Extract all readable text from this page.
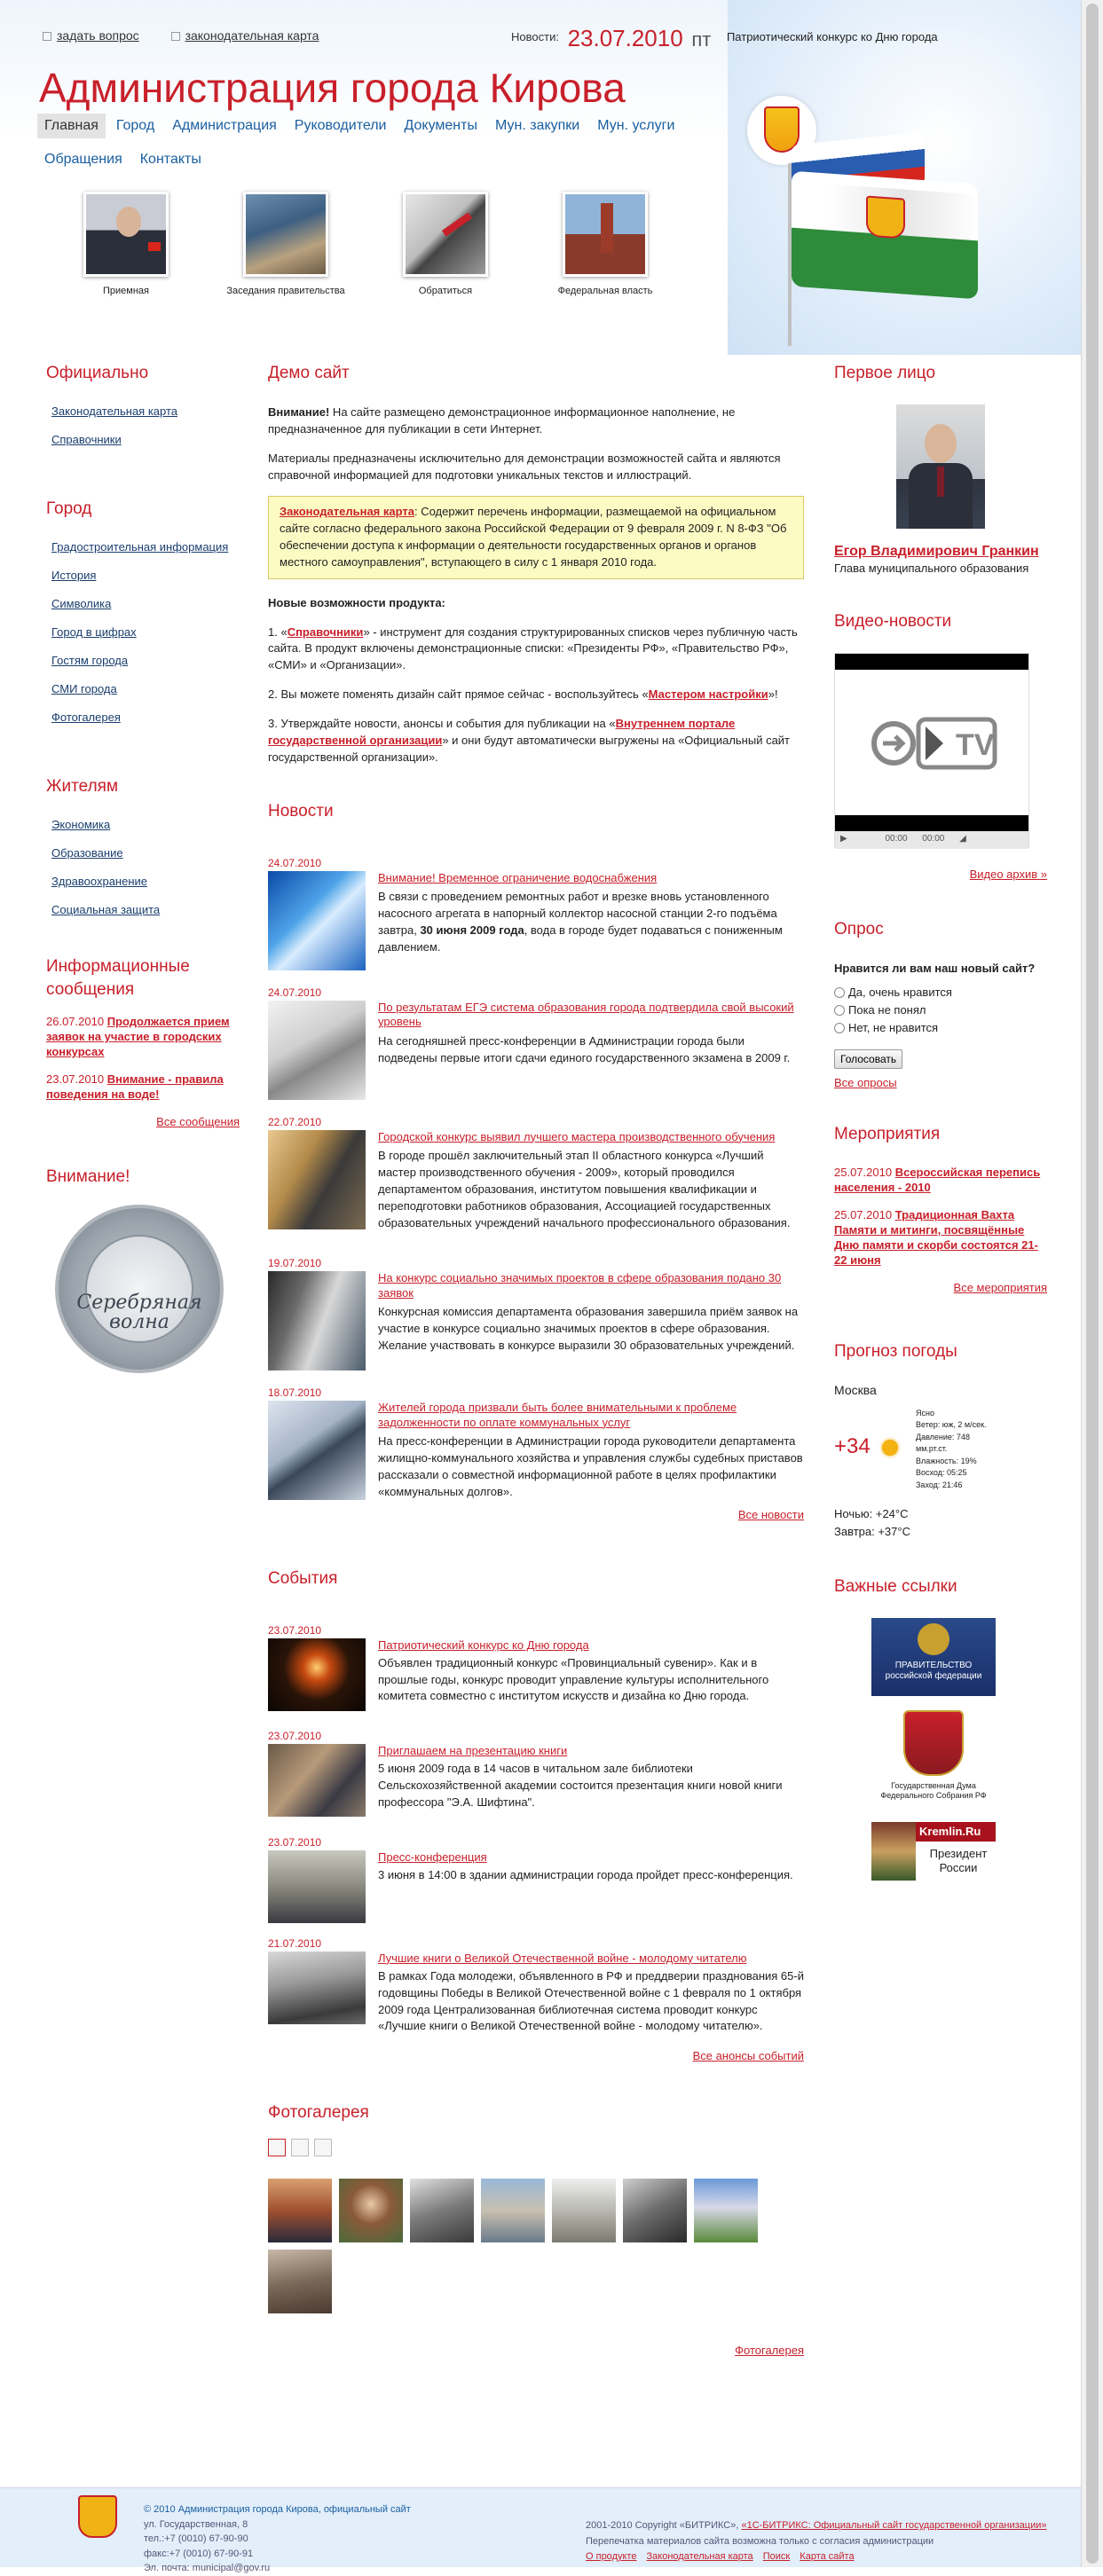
задать вопрос	законодательная карта	Новости: 23.07.2010 пт Патриотический конкурс ко Дню города
Администрация города Кирова
Главная Город Администрация Руководители Документы Мун. закупки Мун. услуги
Обращения Контакты
Приемная	Заседания правительства	Обратиться	Федеральная власть
Официально
Законодательная карта
Справочники
Город
Градостроительная информация
История
Символика
Город в цифрах
Гостям города
СМИ города
Фотогалерея
Жителям
Экономика
Образование
Здравоохранение
Социальная защита
Информационные сообщения
26.07.2010 Продолжается прием заявок на участие в городских конкурсах
23.07.2010 Внимание - правила поведения на воде!
Все сообщения
Внимание!
Серебряная волна
Демо сайт

Внимание! На сайте размещено демонстрационное информационное наполнение, не предназначенное для публикации в сети Интернет.

Материалы предназначены исключительно для демонстрации возможностей сайта и являются справочной информацией для подготовки уникальных текстов и иллюстраций.

Законодательная карта: Содержит перечень информации, размещаемой на официальном сайте согласно федерального закона Российской Федерации от 9 февраля 2009 г. N 8-ФЗ "Об обеспечении доступа к информации о деятельности государственных органов и органов местного самоуправления", вступающего в силу с 1 января 2010 года.

Новые возможности продукта:

1. «Справочники» - инструмент для создания структурированных списков через публичную часть сайта. В продукт включены демонстрационные списки: «Президенты РФ», «Правительство РФ», «СМИ» и «Организации».

2. Вы можете поменять дизайн сайт прямое сейчас - воспользуйтесь «Мастером настройки»!

3. Утверждайте новости, анонсы и события для публикации на «Внутреннем портале государственной организации» и они будут автоматически выгружены на «Официальный сайт государственной организации».

Новости
24.07.2010
Внимание! Временное ограничение водоснабжения
В связи с проведением ремонтных работ и врезке вновь установленного насосного агрегата в напорный коллектор насосной станции 2-го подъёма завтра, 30 июня 2009 года, вода в городе будет подаваться с пониженным давлением.
24.07.2010
По результатам ЕГЭ система образования города подтвердила свой высокий уровень
На сегодняшней пресс-конференции в Администрации города были подведены первые итоги сдачи единого государственного экзамена в 2009 г.
22.07.2010
Городской конкурс выявил лучшего мастера производственного обучения
В городе прошёл заключительный этап II областного конкурса «Лучший мастер производственного обучения - 2009», который проводился департаментом образования, институтом повышения квалификации и переподготовки работников образования, Ассоциацией государственных образовательных учреждений начального профессионального образования.
19.07.2010
На конкурс социально значимых проектов в сфере образования подано 30 заявок
Конкурсная комиссия департамента образования завершила приём заявок на участие в конкурсе социально значимых проектов в сфере образования. Желание участвовать в конкурсе выразили 30 образовательных учреждений.
18.07.2010
Жителей города призвали быть более внимательными к проблеме задолженности по оплате коммунальных услуг
На пресс-конференции в Администрации города руководители департамента жилищно-коммунального хозяйства и управления службы судебных приставов рассказали о совместной информационной работе в целях профилактики «коммунальных долгов».
Все новости
События
23.07.2010
Патриотический конкурс ко Дню города
Объявлен традиционный конкурс «Провинциальный сувенир». Как и в прошлые годы, конкурс проводит управление культуры исполнительного комитета совместно с институтом искусств и дизайна ко Дню города.
23.07.2010
Приглашаем на презентацию книги
5 июня 2009 года в 14 часов в читальном зале библиотеки Сельскохозяйственной академии состоится презентация книги новой книги профессора "Э.А. Шифтина".
23.07.2010
Пресс-конференция
3 июня в 14:00 в здании администрации города пройдет пресс-конференция.
21.07.2010
Лучшие книги о Великой Отечественной войне - молодому читателю
В рамках Года молодежи, объявленного в РФ и преддверии празднования 65-й годовщины Победы в Великой Отечественной войне с 1 февраля по 1 октября 2009 года Централизованная библиотечная система проводит конкурс «Лучшие книги о Великой Отечественной войне - молодому читателю».
Все анонсы событий
Фотогалерея
Фотогалерея
Первое лицо
Егор Владимирович Гранкин
Глава муниципального образования
Видео-новости
TV
▶	00:00 00:00 ◢
Видео архив »
Опрос
Нравится ли вам наш новый сайт?
Да, очень нравится
Пока не понял
Нет, не нравится
Голосовать
Все опросы
Мероприятия
25.07.2010 Всероссийская перепись населения - 2010
25.07.2010 Традиционная Вахта Памяти и митинги, посвящённые Дню памяти и скорби состоятся 21-22 июня
Все мероприятия
Прогноз погоды
Москва
+34
Ясно
Ветер: юж, 2 м/сек.
Давление: 748
мм.рт.ст.
Влажность: 19%
Восход: 05:25
Заход: 21:46
Ночью: +24°C
Завтра: +37°C
Важные ссылки
ПРАВИТЕЛЬСТВО российской федерации
Государственная Дума Федерального Собрания РФ
Kremlin.Ru
Президент России
© 2010 Администрация города Кирова, официальный сайт
ул. Государственная, 8
тел.:+7 (0010) 67-90-90
факс:+7 (0010) 67-90-91
Эл. почта: municipal@gov.ru
2001-2010 Copyright «БИТРИКС», «1С-БИТРИКС: Официальный сайт государственной организации»
Перепечатка материалов сайта возможна только с согласия администрации
О продукте Законодательная карта Поиск Карта сайта
